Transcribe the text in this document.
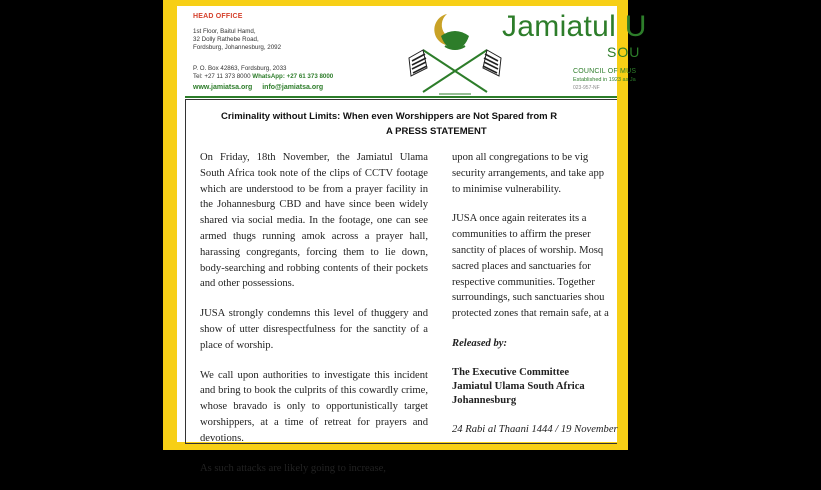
HEAD OFFICE
1st Floor, Baitul Hamd,
32 Dolly Rathebe Road,
Fordsburg, Johannesburg, 2092
P. O. Box 42863, Fordsburg, 2033
Tel: +27 11 373 8000 WhatsApp: +27 61 373 8000
www.jamiatsa.org info@jamiatsa.org
Jamiatul U
SOU
COUNCIL OF MUS
Established in 1923 as Ja
023-957-NF
Criminality without Limits: When even Worshippers are Not Spared from R
A PRESS STATEMENT

On Friday, 18th November, the Jamiatul Ulama South Africa took note of the clips of CCTV footage which are understood to be from a prayer facility in the Johannesburg CBD and have since been widely shared via social media. In the footage, one can see armed thugs running amok across a prayer hall, harassing congregants, forcing them to lie down, body-searching and robbing contents of their pockets and other possessions.

JUSA strongly condemns this level of thuggery and show of utter disrespectfulness for the sanctity of a place of worship.

We call upon authorities to investigate this incident and bring to book the culprits of this cowardly crime, whose bravado is only to opportunistically target worshippers, at a time of retreat for prayers and devotions.

As such attacks are likely going to increase,

upon all congregations to be vig
security arrangements, and take app
to minimise vulnerability.

JUSA once again reiterates its a
communities to affirm the preser
sanctity of places of worship. Mosq
sacred places and sanctuaries for
respective communities. Together
surroundings, such sanctuaries shou
protected zones that remain safe, at a

Released by:

The Executive Committee
Jamiatul Ulama South Africa
Johannesburg

24 Rabi al Thaani 1444 / 19 November
